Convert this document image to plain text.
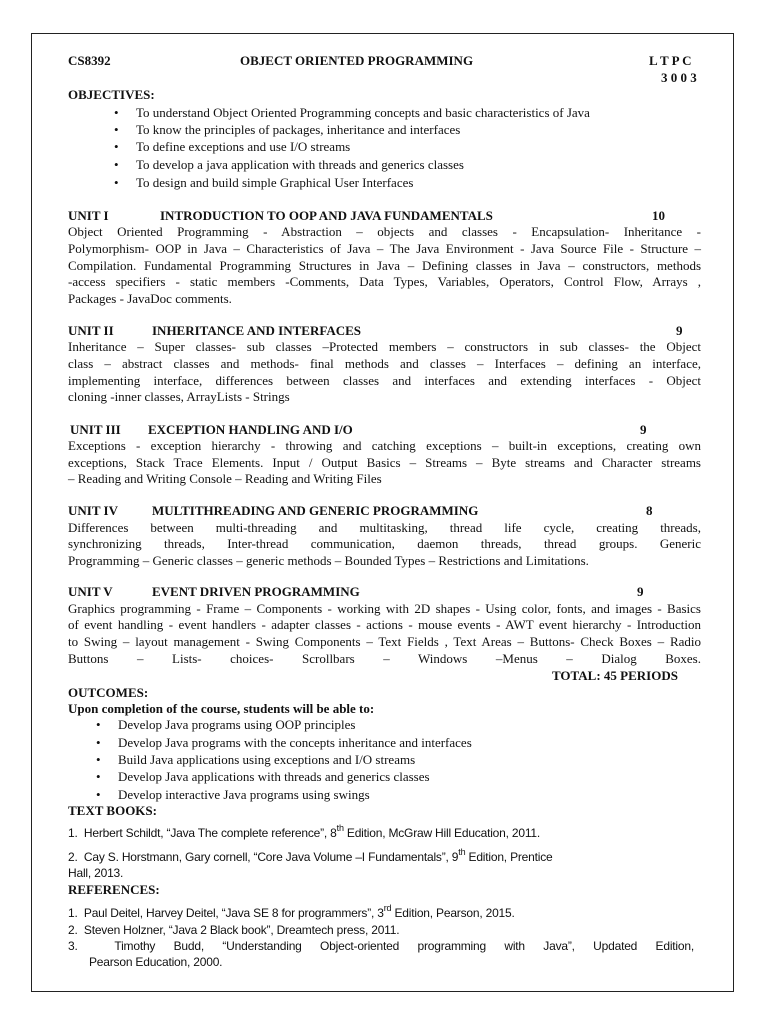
CS8392	OBJECT ORIENTED PROGRAMMING	L T P C
3 0 0 3
OBJECTIVES:
• To understand Object Oriented Programming concepts and basic characteristics of Java
• To know the principles of packages, inheritance and interfaces
• To define exceptions and use I/O streams
• To develop a java application with threads and generics classes
• To design and build simple Graphical User Interfaces
UNIT I	INTRODUCTION TO OOP AND JAVA FUNDAMENTALS	10
Object Oriented Programming - Abstraction – objects and classes - Encapsulation- Inheritance -
Polymorphism- OOP in Java – Characteristics of Java – The Java Environment - Java Source File - Structure –
Compilation. Fundamental Programming Structures in Java – Defining classes in Java – constructors, methods
-access specifiers - static members -Comments, Data Types, Variables, Operators, Control Flow, Arrays ,
Packages - JavaDoc comments.
UNIT II	INHERITANCE AND INTERFACES	9
Inheritance – Super classes- sub classes –Protected members – constructors in sub classes- the Object
class – abstract classes and methods- final methods and classes – Interfaces – defining an interface,
implementing interface, differences between classes and interfaces and extending interfaces - Object
cloning -inner classes, ArrayLists - Strings
UNIT III EXCEPTION HANDLING AND I/O	9
Exceptions - exception hierarchy - throwing and catching exceptions – built-in exceptions, creating own
exceptions, Stack Trace Elements. Input / Output Basics – Streams – Byte streams and Character streams
– Reading and Writing Console – Reading and Writing Files
UNIT IV	MULTITHREADING AND GENERIC PROGRAMMING	8
Differences between multi-threading and multitasking, thread life cycle, creating threads,
synchronizing threads, Inter-thread communication, daemon threads, thread groups. Generic
Programming – Generic classes – generic methods – Bounded Types – Restrictions and Limitations.
UNIT V	EVENT DRIVEN PROGRAMMING	9
Graphics programming - Frame – Components - working with 2D shapes - Using color, fonts, and images - Basics
of event handling - event handlers - adapter classes - actions - mouse events - AWT event hierarchy - Introduction
to Swing – layout management - Swing Components – Text Fields , Text Areas – Buttons- Check Boxes – Radio
Buttons – Lists- choices- Scrollbars – Windows –Menus – Dialog Boxes.
TOTAL: 45 PERIODS
OUTCOMES:
Upon completion of the course, students will be able to:
• Develop Java programs using OOP principles
• Develop Java programs with the concepts inheritance and interfaces
• Build Java applications using exceptions and I/O streams
• Develop Java applications with threads and generics classes
• Develop interactive Java programs using swings
TEXT BOOKS:
1. Herbert Schildt, “Java The complete reference”, 8th Edition, McGraw Hill Education, 2011.
2. Cay S. Horstmann, Gary cornell, “Core Java Volume –I Fundamentals”, 9th Edition, Prentice
Hall, 2013.
REFERENCES:
1. Paul Deitel, Harvey Deitel, “Java SE 8 for programmers”, 3rd Edition, Pearson, 2015.
2. Steven Holzner, “Java 2 Black book”, Dreamtech press, 2011.
3.	Timothy Budd, “Understanding Object-oriented programming with Java”, Updated Edition,
Pearson Education, 2000.
